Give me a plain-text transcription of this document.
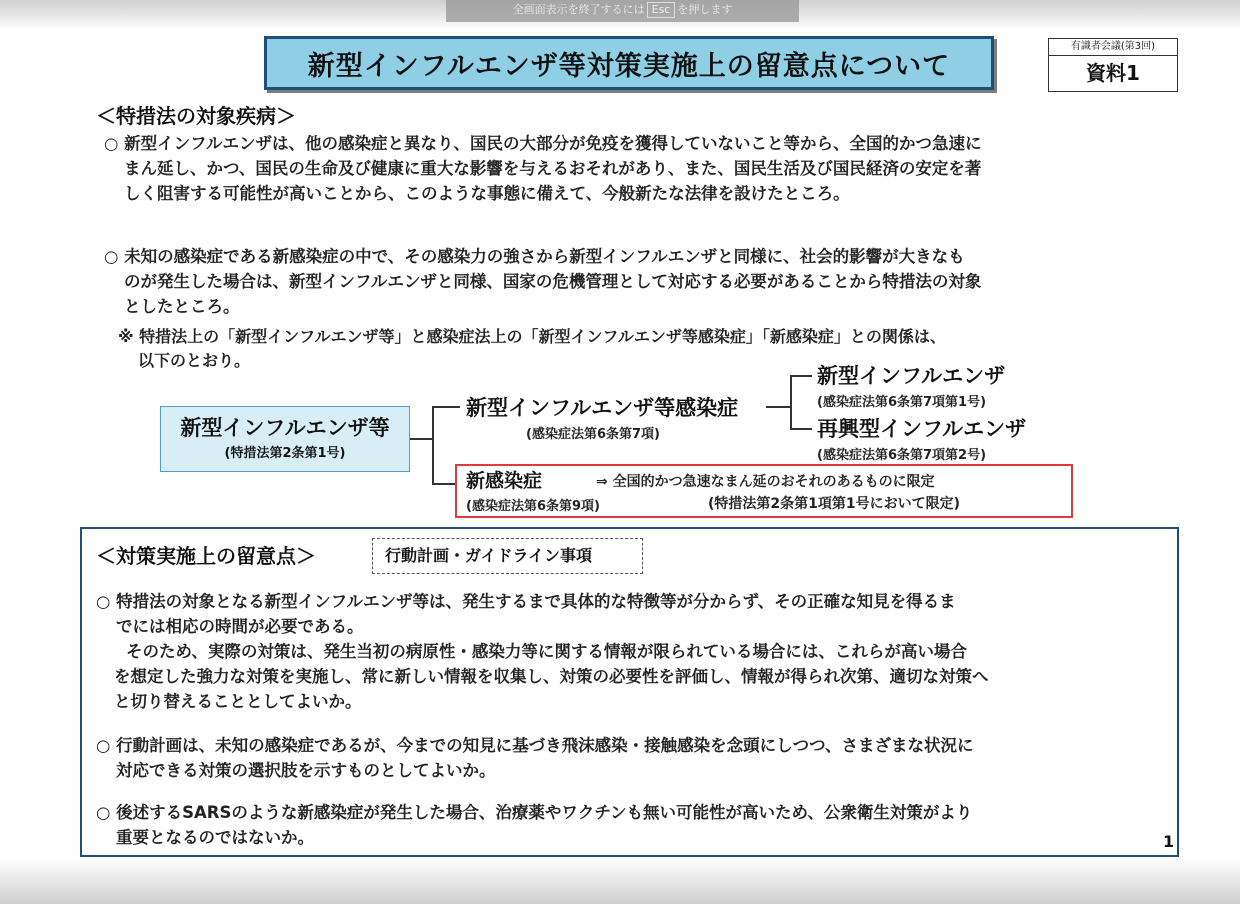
全画面表示を終了するには Esc を押します
新型インフルエンザ等対策実施上の留意点について
有識者会議(第3回)
資料1
＜特措法の対象疾病＞
○ 新型インフルエンザは、他の感染症と異なり、国民の大部分が免疫を獲得していないこと等から、全国的かつ急速に
まん延し、かつ、国民の生命及び健康に重大な影響を与えるおそれがあり、また、国民生活及び国民経済の安定を著
しく阻害する可能性が高いことから、このような事態に備えて、今般新たな法律を設けたところ。
○ 未知の感染症である新感染症の中で、その感染力の強さから新型インフルエンザと同様に、社会的影響が大きなも
のが発生した場合は、新型インフルエンザと同様、国家の危機管理として対応する必要があることから特措法の対象
としたところ。
※ 特措法上の「新型インフルエンザ等」と感染症法上の「新型インフルエンザ等感染症」「新感染症」との関係は、
以下のとおり。
新型インフルエンザ等
(特措法第2条第1号)
新型インフルエンザ等感染症
(感染症法第6条第7項)
新型インフルエンザ
(感染症法第6条第7項第1号)
再興型インフルエンザ
(感染症法第6条第7項第2号)
新感染症	⇒ 全国的かつ急速なまん延のおそれのあるものに限定
(感染症法第6条第9項)	(特措法第2条第1項第1号において限定)
＜対策実施上の留意点＞	行動計画・ガイドライン事項
○ 特措法の対象となる新型インフルエンザ等は、発生するまで具体的な特徴等が分からず、その正確な知見を得るま
でには相応の時間が必要である。
そのため、実際の対策は、発生当初の病原性・感染力等に関する情報が限られている場合には、これらが高い場合
を想定した強力な対策を実施し、常に新しい情報を収集し、対策の必要性を評価し、情報が得られ次第、適切な対策へ
と切り替えることとしてよいか。
○ 行動計画は、未知の感染症であるが、今までの知見に基づき飛沫感染・接触感染を念頭にしつつ、さまざまな状況に
対応できる対策の選択肢を示すものとしてよいか。
○ 後述するSARSのような新感染症が発生した場合、治療薬やワクチンも無い可能性が高いため、公衆衛生対策がより
重要となるのではないか。	1
